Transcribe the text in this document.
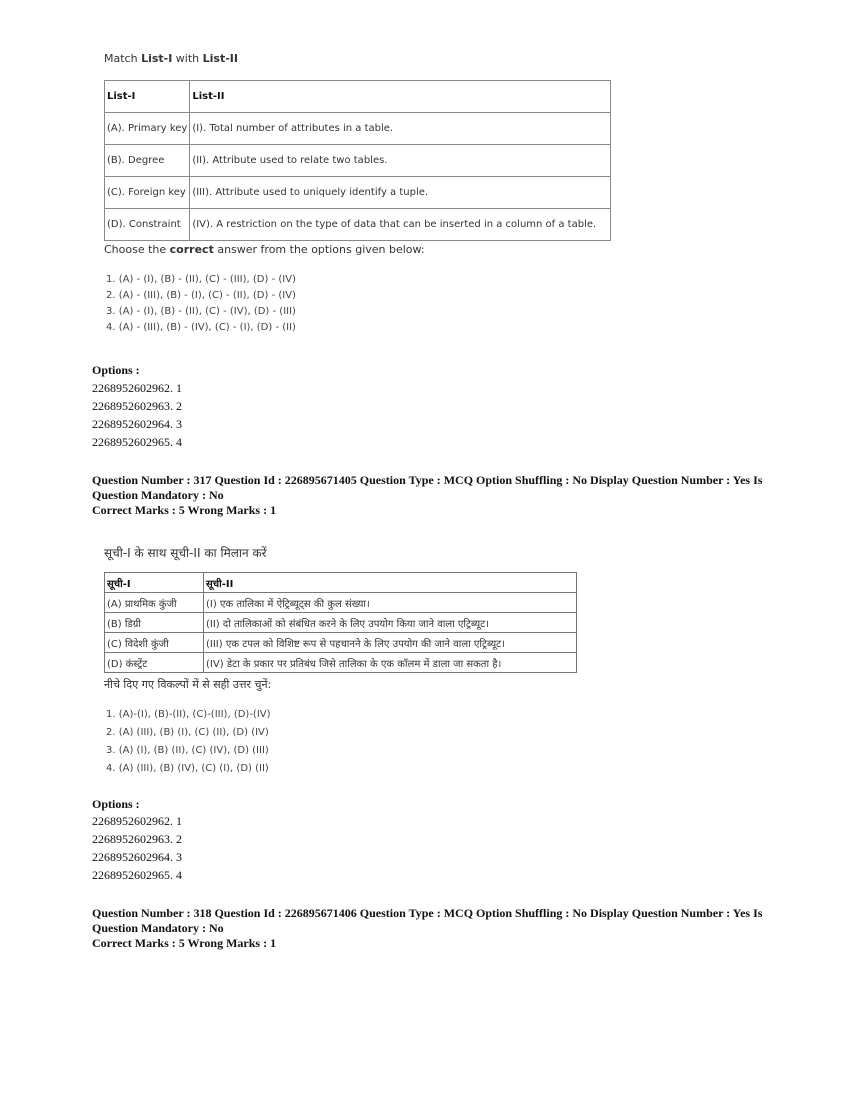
Match List-I with List-II
List-I	List-II
(A). Primary key	(I). Total number of attributes in a table.
(B). Degree	(II). Attribute used to relate two tables.
(C). Foreign key	(III). Attribute used to uniquely identify a tuple.
(D). Constraint	(IV). A restriction on the type of data that can be inserted in a column of a table.
Choose the correct answer from the options given below:
1. (A) - (I), (B) - (II), (C) - (III), (D) - (IV)
2. (A) - (III), (B) - (I), (C) - (II), (D) - (IV)
3. (A) - (I), (B) - (II), (C) - (IV), (D) - (III)
4. (A) - (III), (B) - (IV), (C) - (I), (D) - (II)
Options :
2268952602962. 1
2268952602963. 2
2268952602964. 3
2268952602965. 4
Question Number : 317 Question Id : 226895671405 Question Type : MCQ Option Shuffling : No Display Question Number : Yes Is
Question Mandatory : No
Correct Marks : 5 Wrong Marks : 1
सूची-I के साथ सूची-II का मिलान करें
सूची-I	सूची-II
(A) प्राथमिक कुंजी	(I) एक तालिका में ऐट्रिब्यूट्स की कुल संख्या।
(B) डिग्री	(II) दो तालिकाओं को संबंधित करने के लिए उपयोग किया जाने वाला एट्रिब्यूट।
(C) विदेशी कुंजी	(III) एक टपल को विशिष्ट रूप से पहचानने के लिए उपयोग की जाने वाला एट्रिब्यूट।
(D) कंस्ट्रेंट	(IV) डेटा के प्रकार पर प्रतिबंध जिसे तालिका के एक कॉलम में डाला जा सकता है।
नीचे दिए गए विकल्पों में से सही उत्तर चुनें:
1. (A)-(I), (B)-(II), (C)-(III), (D)-(IV)
2. (A) (III), (B) (I), (C) (II), (D) (IV)
3. (A) (I), (B) (II), (C) (IV), (D) (III)
4. (A) (III), (B) (IV), (C) (I), (D) (II)
Options :
2268952602962. 1
2268952602963. 2
2268952602964. 3
2268952602965. 4
Question Number : 318 Question Id : 226895671406 Question Type : MCQ Option Shuffling : No Display Question Number : Yes Is
Question Mandatory : No
Correct Marks : 5 Wrong Marks : 1
